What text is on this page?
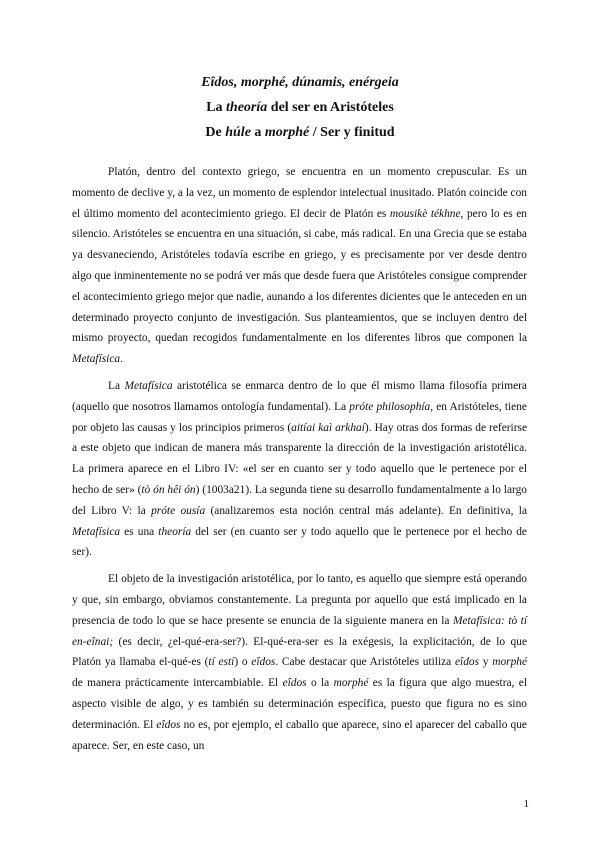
Eîdos, morphé, dúnamis, enérgeia
La theoría del ser en Aristóteles
De húle a morphé / Ser y finitud

Platón, dentro del contexto griego, se encuentra en un momento crepuscular. Es un momento de declive y, a la vez, un momento de esplendor intelectual inusitado. Platón coincide con el último momento del acontecimiento griego. El decir de Platón es mousikè tékhne, pero lo es en silencio. Aristóteles se encuentra en una situación, si cabe, más radical. En una Grecia que se estaba ya desvaneciendo, Aristóteles todavía escribe en griego, y es precisamente por ver desde dentro algo que inminentemente no se podrá ver más que desde fuera que Aristóteles consigue comprender el acontecimiento griego mejor que nadie, aunando a los diferentes dicientes que le anteceden en un determinado proyecto conjunto de investigación. Sus planteamientos, que se incluyen dentro del mismo proyecto, quedan recogidos fundamentalmente en los diferentes libros que componen la Metafísica.

La Metafísica aristotélica se enmarca dentro de lo que él mismo llama filosofía primera (aquello que nosotros llamamos ontología fundamental). La próte philosophía, en Aristóteles, tiene por objeto las causas y los principios primeros (aitíai kaì arkhaí). Hay otras dos formas de referirse a este objeto que indican de manera más transparente la dirección de la investigación aristotélica. La primera aparece en el Libro IV: «el ser en cuanto ser y todo aquello que le pertenece por el hecho de ser» (tò ón hêi ón) (1003a21). La segunda tiene su desarrollo fundamentalmente a lo largo del Libro V: la próte ousía (analizaremos esta noción central más adelante). En definitiva, la Metafísica es una theoría del ser (en cuanto ser y todo aquello que le pertenece por el hecho de ser).

El objeto de la investigación aristotélica, por lo tanto, es aquello que siempre está operando y que, sin embargo, obviamos constantemente. La pregunta por aquello que está implicado en la presencia de todo lo que se hace presente se enuncia de la siguiente manera en la Metafísica: tò tí en-eînai; (es decir, ¿el-qué-era-ser?). El-qué-era-ser es la exégesis, la explicitación, de lo que Platón ya llamaba el-qué-es (tí estí) o eîdos. Cabe destacar que Aristóteles utiliza eîdos y morphé de manera prácticamente intercambiable. El eîdos o la morphé es la figura que algo muestra, el aspecto visible de algo, y es también su determinación específica, puesto que figura no es sino determinación. El eîdos no es, por ejemplo, el caballo que aparece, sino el aparecer del caballo que aparece. Ser, en este caso, un

1
